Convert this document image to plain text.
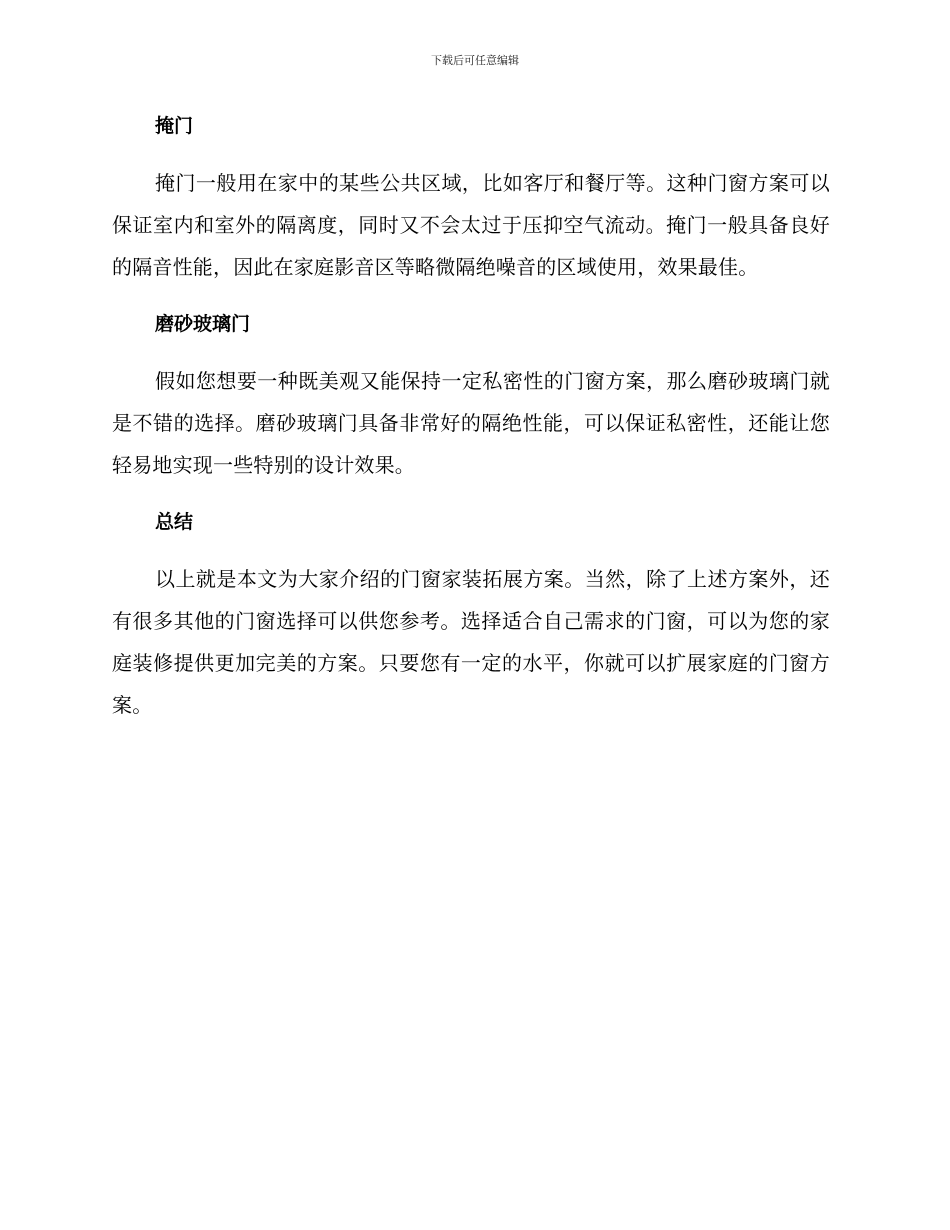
下载后可任意编辑
掩门

掩门一般用在家中的某些公共区域，比如客厅和餐厅等。这种门窗方案可以保证室内和室外的隔离度，同时又不会太过于压抑空气流动。掩门一般具备良好的隔音性能，因此在家庭影音区等略微隔绝噪音的区域使用，效果最佳。

磨砂玻璃门

假如您想要一种既美观又能保持一定私密性的门窗方案，那么磨砂玻璃门就是不错的选择。磨砂玻璃门具备非常好的隔绝性能，可以保证私密性，还能让您轻易地实现一些特别的设计效果。

总结

以上就是本文为大家介绍的门窗家装拓展方案。当然，除了上述方案外，还有很多其他的门窗选择可以供您参考。选择适合自己需求的门窗，可以为您的家庭装修提供更加完美的方案。只要您有一定的水平，你就可以扩展家庭的门窗方案。
